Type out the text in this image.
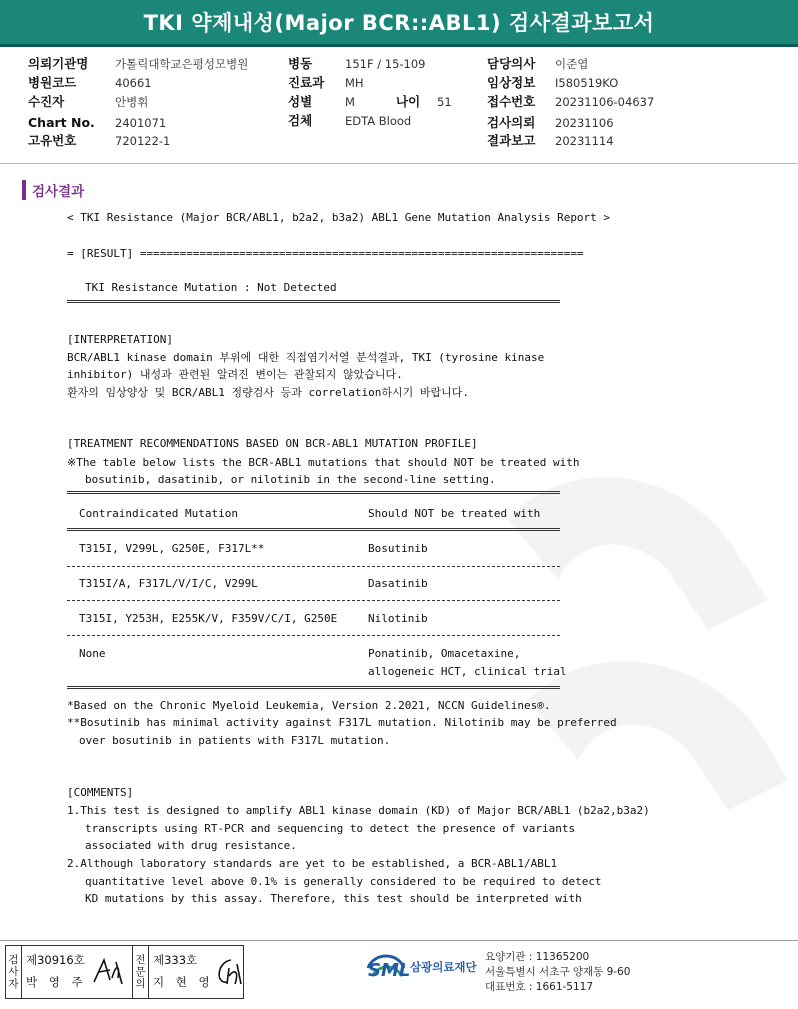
TKI 약제내성(Major BCR::ABL1) 검사결과보고서
의뢰기관명 가톨릭대학교은평성모병원
병원코드	40661
수진자	안병휘
Chart No. 2401071
고유번호	720122-1
병동	151F / 15-109
진료과 MH
성별	M	나이 51
검체	EDTA Blood
담당의사 이준엽
임상정보 I580519KO
접수번호 20231106-04637
검사의뢰 20231106
결과보고 20231114
검사결과
< TKI Resistance (Major BCR/ABL1, b2a2, b3a2) ABL1 Gene Mutation Analysis Report >
= [RESULT] ===================================================================
TKI Resistance Mutation : Not Detected
[INTERPRETATION]
BCR/ABL1 kinase domain 부위에 대한 직접염기서열 분석결과, TKI (tyrosine kinase
inhibitor) 내성과 관련된 알려진 변이는 관찰되지 않았습니다.
환자의 임상양상 및 BCR/ABL1 정량검사 등과 correlation하시기 바랍니다.
[TREATMENT RECOMMENDATIONS BASED ON BCR-ABL1 MUTATION PROFILE]
※The table below lists the BCR-ABL1 mutations that should NOT be treated with
bosutinib, dasatinib, or nilotinib in the second-line setting.
Contraindicated Mutation	Should NOT be treated with
T315I, V299L, G250E, F317L**	Bosutinib
T315I/A, F317L/V/I/C, V299L	Dasatinib
T315I, Y253H, E255K/V, F359V/C/I, G250E	Nilotinib
None	Ponatinib, Omacetaxine,
allogeneic HCT, clinical trial
*Based on the Chronic Myeloid Leukemia, Version 2.2021, NCCN Guidelines®.
**Bosutinib has minimal activity against F317L mutation. Nilotinib may be preferred
over bosutinib in patients with F317L mutation.
[COMMENTS]
1.This test is designed to amplify ABL1 kinase domain (KD) of Major BCR/ABL1 (b2a2,b3a2)
transcripts using RT-PCR and sequencing to detect the presence of variants
associated with drug resistance.
2.Although laboratory standards are yet to be established, a BCR-ABL1/ABL1
quantitative level above 0.1% is generally considered to be required to detect
KD mutations by this assay. Therefore, this test should be interpreted with
검
사
자
제30916호
박 영 주
전
문
의
제333호
지 현 영
SML 삼광의료재단
요양기관 : 11365200
서울특별시 서초구 양재동 9-60
대표번호 : 1661-5117
